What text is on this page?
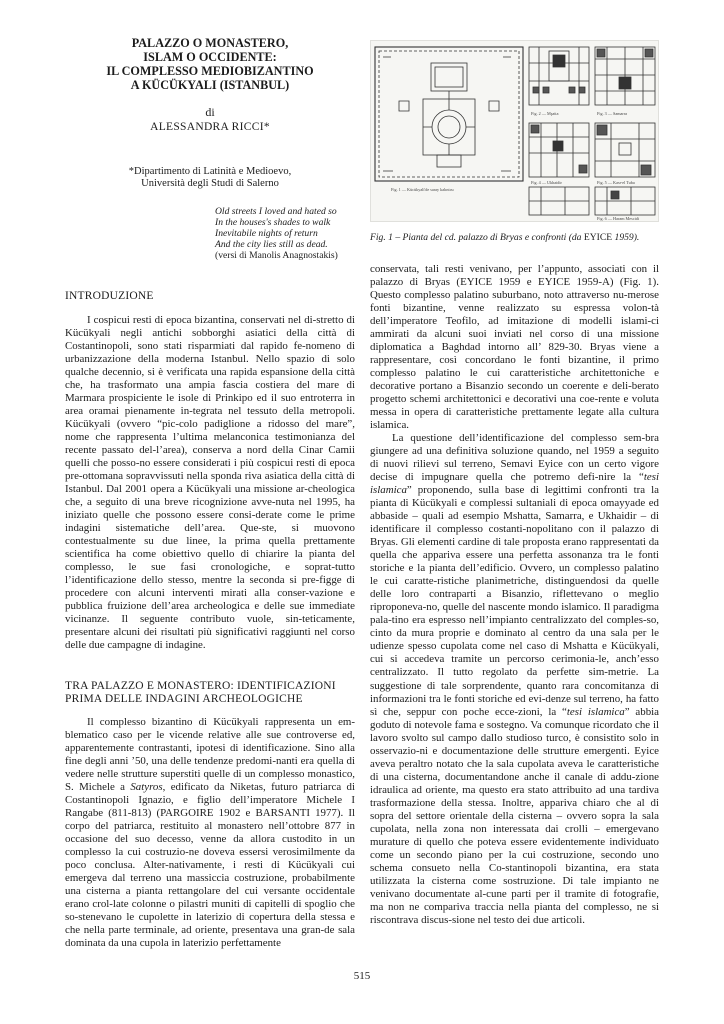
PALAZZO O MONASTERO,
ISLAM O OCCIDENTE:
IL COMPLESSO MEDIOBIZANTINO
A KÜCÜKYALI (ISTANBUL)
di
ALESSANDRA RICCI*
*Dipartimento di Latinità e Medioevo,
Università degli Studi di Salerno
Old streets I loved and hated so
In the houses's shades to walk
Inevitabile nights of return
And the city lies still as dead.
(versi di Manolis Anagnostakis)
Fig. 1 — Kücükyali'de saray kalıntısı
Fig. 2 — Mşatta	Fig. 3 — Samarra
Fig. 4 — Ukhaidir	Fig. 5 — Kasr-el Tuba
Fig. 6 — Haram Mescidi
Fig. 1 – Pianta del cd. palazzo di Bryas e confronti (da EYICE 1959).
INTRODUZIONE

I cospicui resti di epoca bizantina, conservati nel di-stretto di Kücükyali negli antichi sobborghi asiatici della città di Costantinopoli, sono stati risparmiati dal rapido fe-nomeno di urbanizzazione della moderna Istanbul. Nello spazio di solo qualche decennio, si è verificata una rapida espansione della città che, ha trasformato una ampia fascia costiera del mare di Marmara prospiciente le isole di Prinkipo ed il suo entroterra in area oramai pienamente in-tegrata nel tessuto della metropoli. Kücükyali (ovvero “pic-colo padiglione a ridosso del mare”, nome che rappresenta l’ultima melanconica testimonianza del recente passato del-l’area), conserva a nord della Cinar Camii quelli che posso-no essere considerati i più cospicui resti di epoca pre-ottomana sopravvissuti nella sponda riva asiatica della città di Istanbul. Dal 2001 opera a Kücükyali una missione ar-cheologica che, a seguito di una breve ricognizione avve-nuta nel 1995, ha iniziato quelle che possono essere consi-derate come le prime indagini sistematiche dell’area. Que-ste, si muovono contestualmente su due linee, la prima quella prettamente scientifica ha come obiettivo quello di chiarire la pianta del complesso, le sue fasi cronologiche, e soprat-tutto l’identificazione dello stesso, mentre la seconda si pre-figge di procedere con alcuni interventi mirati alla conser-vazione e pubblica fruizione dell’area archeologica e delle sue immediate vicinanze. Il seguente contributo vuole, sin-teticamente, presentare alcuni dei risultati più significativi raggiunti nel corso delle due campagne di indagine.

TRA PALAZZO E MONASTERO: IDENTIFICAZIONI
PRIMA DELLE INDAGINI ARCHEOLOGICHE

Il complesso bizantino di Kücükyali rappresenta un em-blematico caso per le vicende relative alle sue controverse ed, apparentemente contrastanti, ipotesi di identificazione. Sino alla fine degli anni ’50, una delle tendenze predomi-nanti era quella di vedere nelle strutture superstiti quelle di un complesso monastico, S. Michele a Satyros, edificato da Niketas, futuro patriarca di Costantinopoli Ignazio, e figlio dell’imperatore Michele I Rangabe (811-813) (PARGOIRE 1902 e BARSANTI 1977). Il corpo del patriarca, restituito al monastero nell’ottobre 877 in occasione del suo decesso, venne da allora custodito in un complesso la cui costruzio-ne doveva essersi verosimilmente da poco conclusa. Alter-nativamente, i resti di Kücükyali cui emergeva dal terreno una massiccia costruzione, probabilmente una cisterna a pianta rettangolare del cui versante occidentale erano crol-late colonne o pilastri muniti di capitelli di spoglio che so-stenevano le cupolette in laterizio di copertura della stessa e che nella parte terminale, ad oriente, presentava una gran-de sala dominata da una cupola in laterizio perfettamente

conservata, tali resti venivano, per l’appunto, associati con il palazzo di Bryas (EYICE 1959 e EYICE 1959-A) (Fig. 1). Questo complesso palatino suburbano, noto attraverso nu-merose fonti bizantine, venne realizzato su espressa volon-tà dell’imperatore Teofilo, ad imitazione di modelli islami-ci ammirati da alcuni suoi inviati nel corso di una missione diplomatica a Baghdad intorno all’ 829-30. Bryas viene a rappresentare, così concordano le fonti bizantine, il primo complesso palatino le cui caratteristiche architettoniche e decorative portano a Bisanzio secondo un coerente e deli-berato progetto schemi architettonici e decorativi una coe-rente e voluta messa in opera di caratteristiche prettamente legate alla cultura islamica.

La questione dell’identificazione del complesso sem-bra giungere ad una definitiva soluzione quando, nel 1959 a seguito di nuovi rilievi sul terreno, Semavi Eyice con un certo vigore decise di impugnare quella che potremo defi-nire la “tesi islamica” proponendo, sulla base di legittimi confronti tra la pianta di Kücükyali e complessi sultaniali di epoca omayyade ed abbaside – quali ad esempio Mshatta, Samarra, e Ukhaidir – di identificare il complesso costanti-nopolitano con il palazzo di Bryas. Gli elementi cardine di tale proposta erano rappresentati da quella che appariva essere una perfetta assonanza tra le fonti storiche e la pianta dell’edificio. Ovvero, un complesso palatino le cui caratte-ristiche planimetriche, distinguendosi da quelle delle loro contraparti a Bisanzio, riflettevano o meglio riproponeva-no, quelle del nascente mondo islamico. Il paradigma pala-tino era espresso nell’impianto centralizzato del comples-so, cinto da mura proprie e dominato al centro da una sala per le udienze spesso cupolata come nel caso di Mshatta e Kücükyali, cui si accedeva tramite un percorso cerimonia-le, anch’esso centralizzato. Il tutto regolato da perfette sim-metrie. La suggestione di tale sorprendente, quanto rara concomitanza di informazioni tra le fonti storiche ed evi-denze sul terreno, ha fatto sì che, seppur con poche ecce-zioni, la “tesi islamica” abbia goduto di notevole fama e sostegno. Va comunque ricordato che il lavoro svolto sul campo dallo studioso turco, è consistito solo in osservazio-ni e documentazione delle strutture emergenti. Eyice aveva peraltro notato che la sala cupolata aveva le caratteristiche di una cisterna, documentandone anche il canale di addu-zione idraulica ad oriente, ma questo era stato attribuito ad una tardiva trasformazione della stessa. Inoltre, appariva chiaro che al di sopra del settore orientale della cisterna – ovvero sopra la sala cupolata, nella zona non interessata dai crolli – emergevano murature di quello che poteva essere evidentemente individuato come un secondo piano per la cui costruzione, secondo uno schema consueto nella Co-stantinopoli bizantina, era stata utilizzata la cisterna come sostruzione. Di tale impianto ne venivano documentate al-cune parti per il tramite di fotografie, ma non ne compariva traccia nella pianta del complesso, ne si riscontrava discus-sione nel testo dei due articoli.

515
